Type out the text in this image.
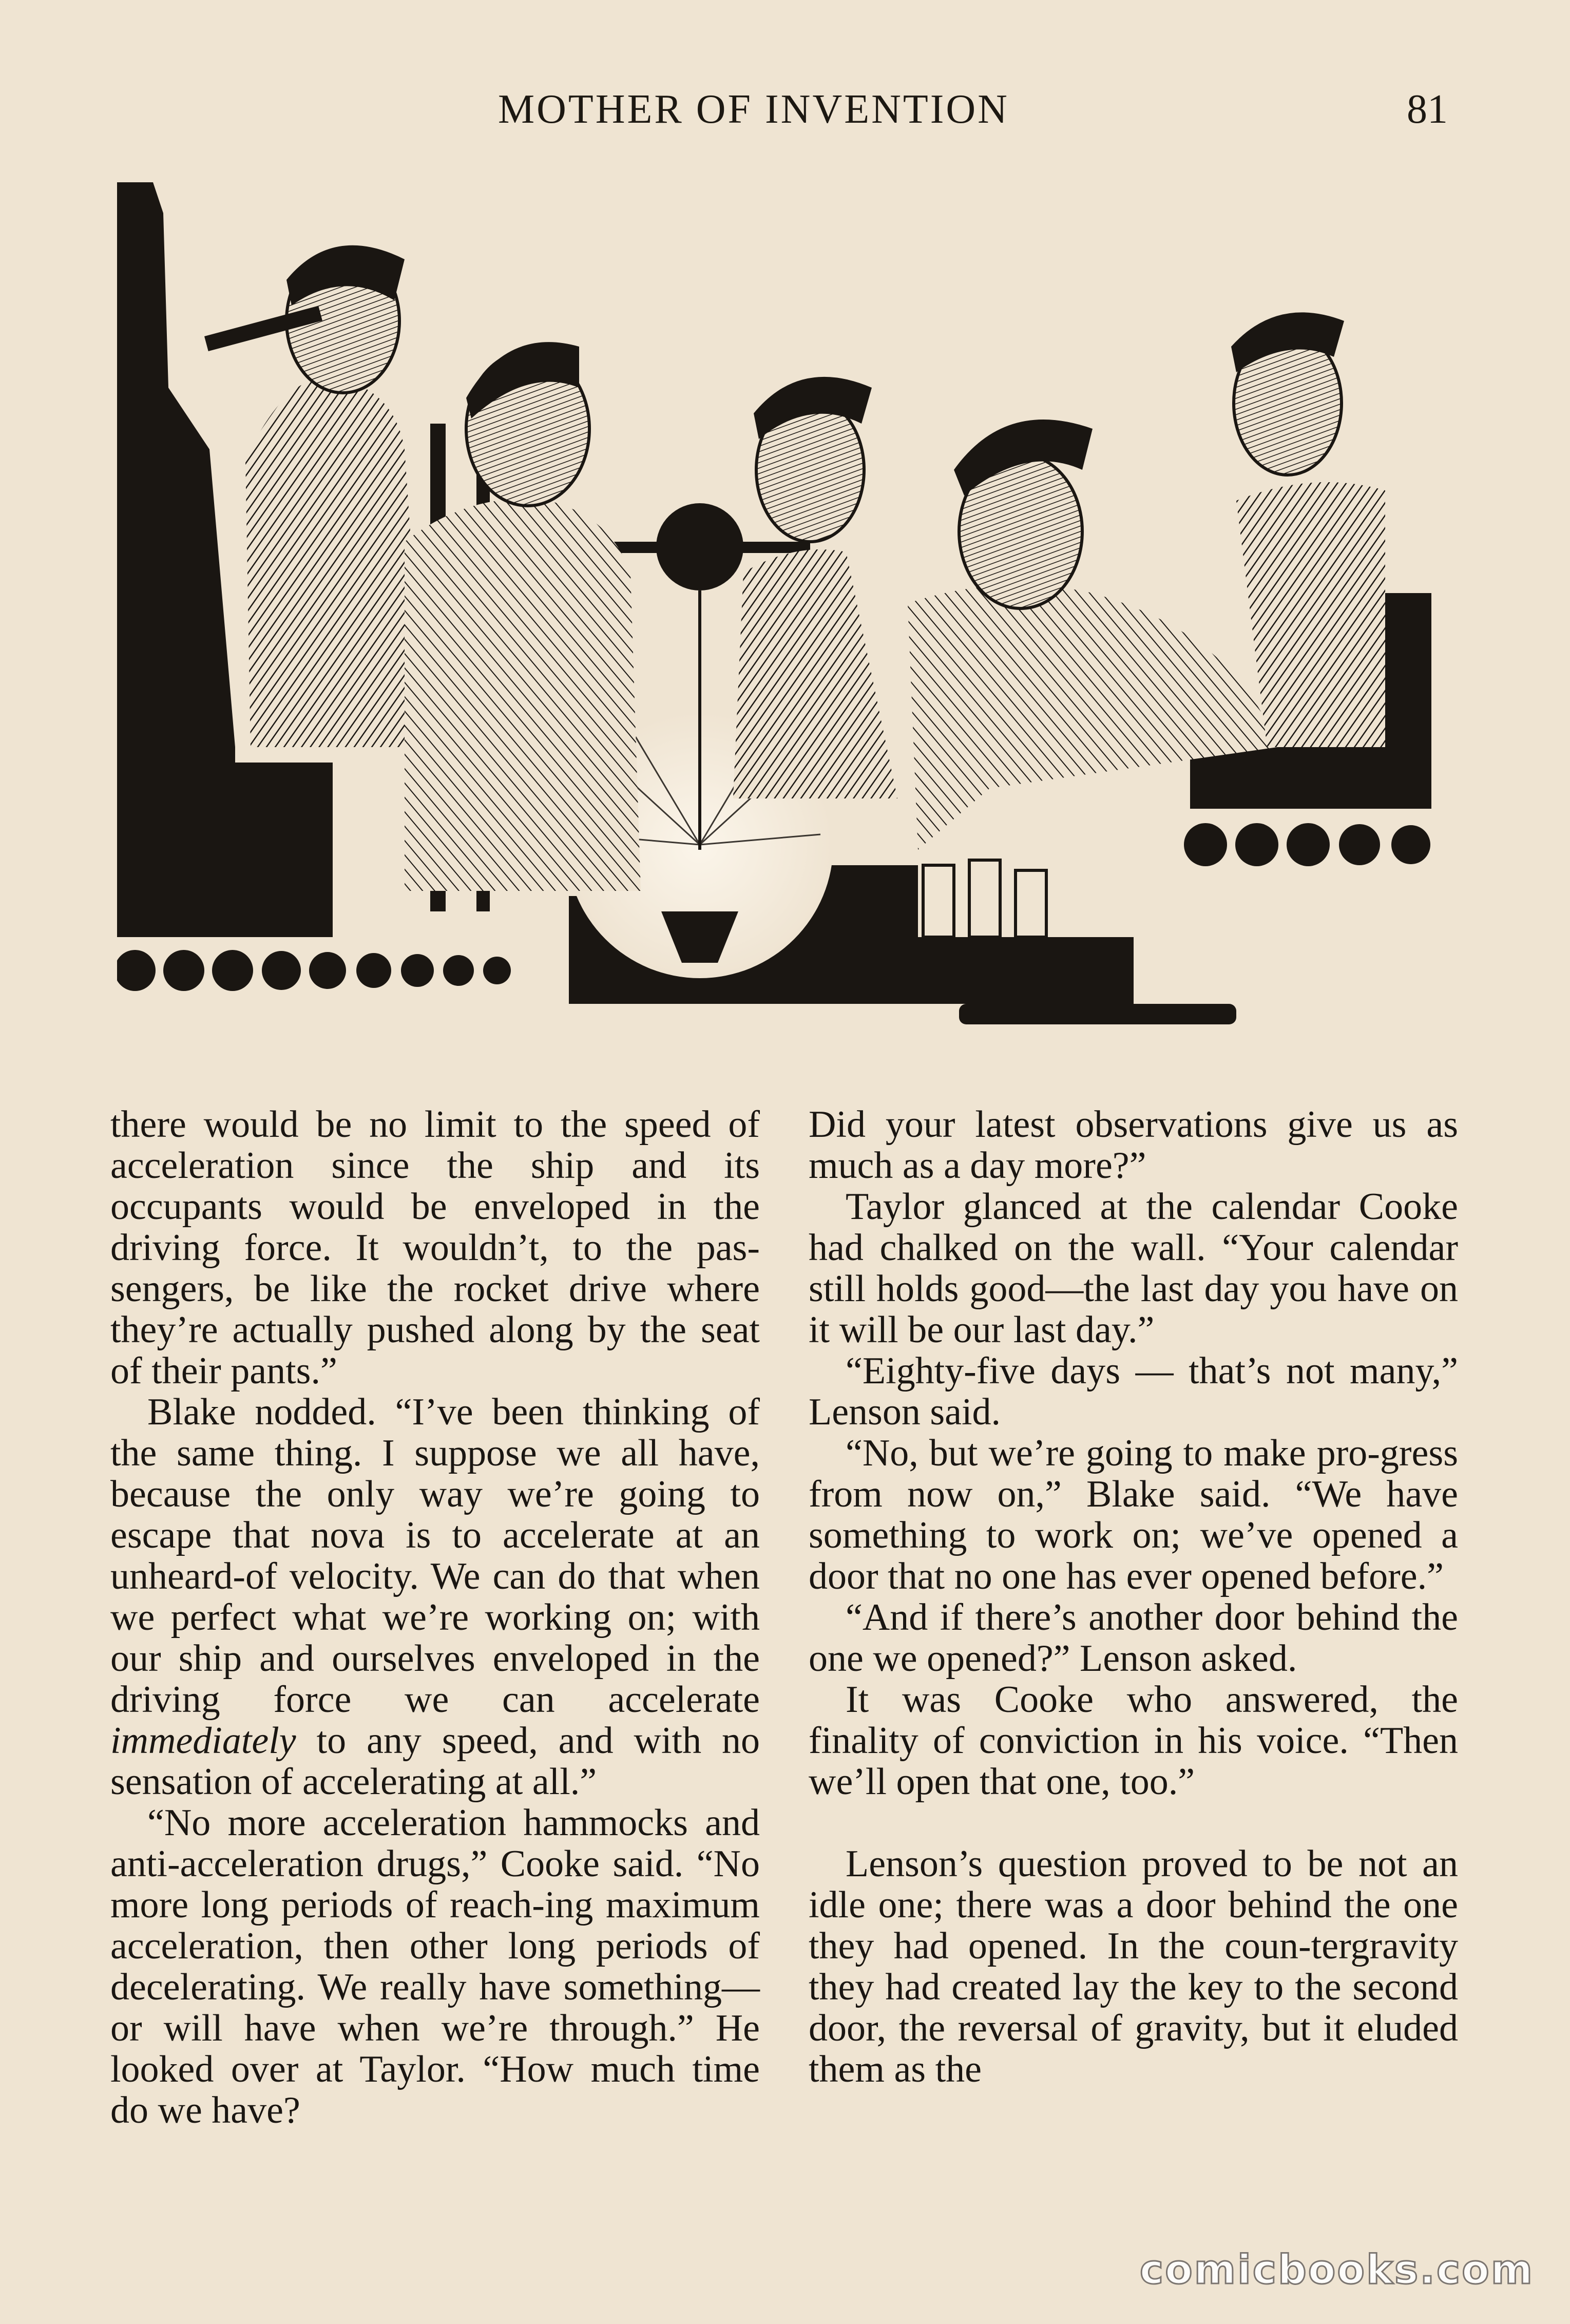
MOTHER OF INVENTION	81

there would be no limit to the speed of acceleration since the ship and its occupants would be enveloped in the driving force. It wouldn’t, to the pas-sengers, be like the rocket drive where they’re actually pushed along by the seat of their pants.”

Blake nodded. “I’ve been thinking of the same thing. I suppose we all have, because the only way we’re going to escape that nova is to accelerate at an unheard-of velocity. We can do that when we perfect what we’re working on; with our ship and ourselves enveloped in the driving force we can accelerate immediately to any speed, and with no sensation of accelerating at all.”

“No more acceleration hammocks and anti-acceleration drugs,” Cooke said. “No more long periods of reach-ing maximum acceleration, then other long periods of decelerating. We really have something—or will have when we’re through.” He looked over at Taylor. “How much time do we have?

Did your latest observations give us as much as a day more?”

Taylor glanced at the calendar Cooke had chalked on the wall. “Your calendar still holds good—the last day you have on it will be our last day.”

“Eighty-five days — that’s not many,” Lenson said.

“No, but we’re going to make pro-gress from now on,” Blake said. “We have something to work on; we’ve opened a door that no one has ever opened before.”

“And if there’s another door behind the one we opened?” Lenson asked.

It was Cooke who answered, the finality of conviction in his voice. “Then we’ll open that one, too.”

Lenson’s question proved to be not an idle one; there was a door behind the one they had opened. In the coun-tergravity they had created lay the key to the second door, the reversal of gravity, but it eluded them as the

comicbooks.com
